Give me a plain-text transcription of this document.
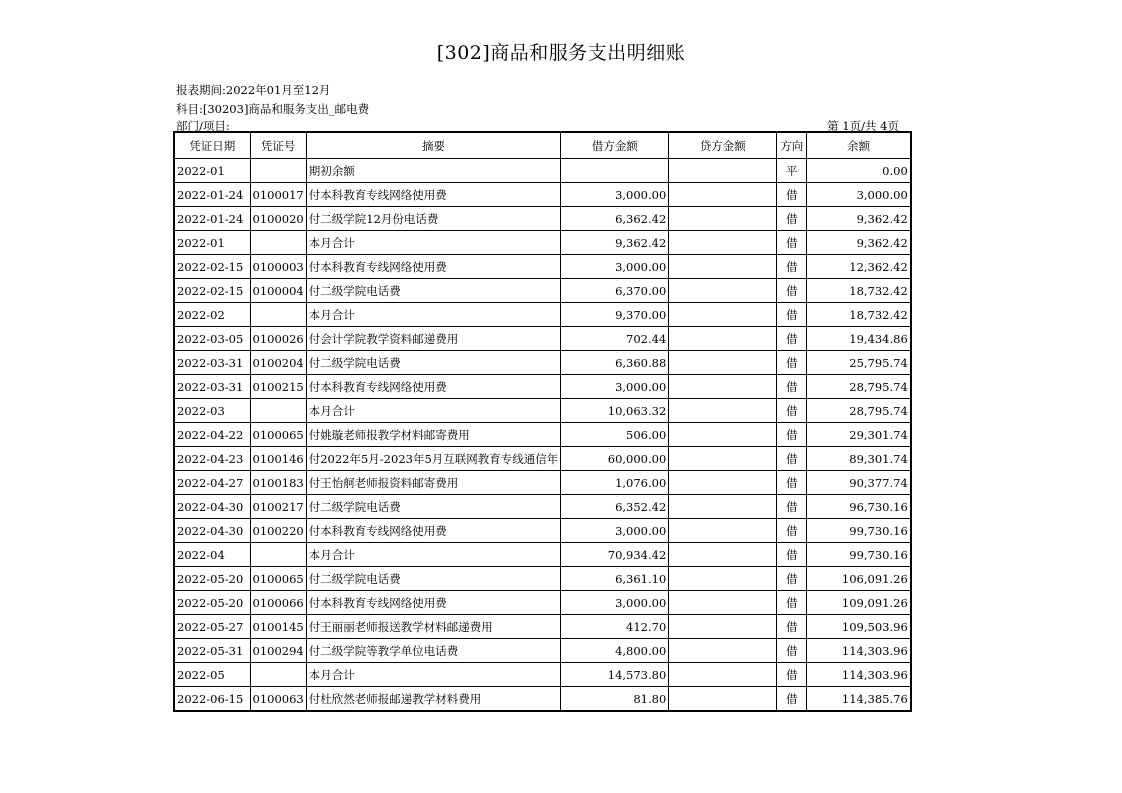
[302]商品和服务支出明细账
报表期间:2022年01月至12月
科目:[30203]商品和服务支出_邮电费
部门/项目:	第 1页/共 4页
凭证日期	凭证号	摘要	借方金额	贷方金额	方向	余额
2022-01		期初余额			平	0.00
2022-01-24	0100017	付本科教育专线网络使用费	3,000.00		借	3,000.00
2022-01-24	0100020	付二级学院12月份电话费	6,362.42		借	9,362.42
2022-01		本月合计	9,362.42		借	9,362.42
2022-02-15	0100003	付本科教育专线网络使用费	3,000.00		借	12,362.42
2022-02-15	0100004	付二级学院电话费	6,370.00		借	18,732.42
2022-02		本月合计	9,370.00		借	18,732.42
2022-03-05	0100026	付会计学院教学资料邮递费用	702.44		借	19,434.86
2022-03-31	0100204	付二级学院电话费	6,360.88		借	25,795.74
2022-03-31	0100215	付本科教育专线网络使用费	3,000.00		借	28,795.74
2022-03		本月合计	10,063.32		借	28,795.74
2022-04-22	0100065	付姚璇老师报教学材料邮寄费用	506.00		借	29,301.74
2022-04-23	0100146	付2022年5月-2023年5月互联网教育专线通信年	60,000.00		借	89,301.74
2022-04-27	0100183	付王怡舸老师报资料邮寄费用	1,076.00		借	90,377.74
2022-04-30	0100217	付二级学院电话费	6,352.42		借	96,730.16
2022-04-30	0100220	付本科教育专线网络使用费	3,000.00		借	99,730.16
2022-04		本月合计	70,934.42		借	99,730.16
2022-05-20	0100065	付二级学院电话费	6,361.10		借	106,091.26
2022-05-20	0100066	付本科教育专线网络使用费	3,000.00		借	109,091.26
2022-05-27	0100145	付王丽丽老师报送教学材料邮递费用	412.70		借	109,503.96
2022-05-31	0100294	付二级学院等教学单位电话费	4,800.00		借	114,303.96
2022-05		本月合计	14,573.80		借	114,303.96
2022-06-15	0100063	付杜欣然老师报邮递教学材料费用	81.80		借	114,385.76
